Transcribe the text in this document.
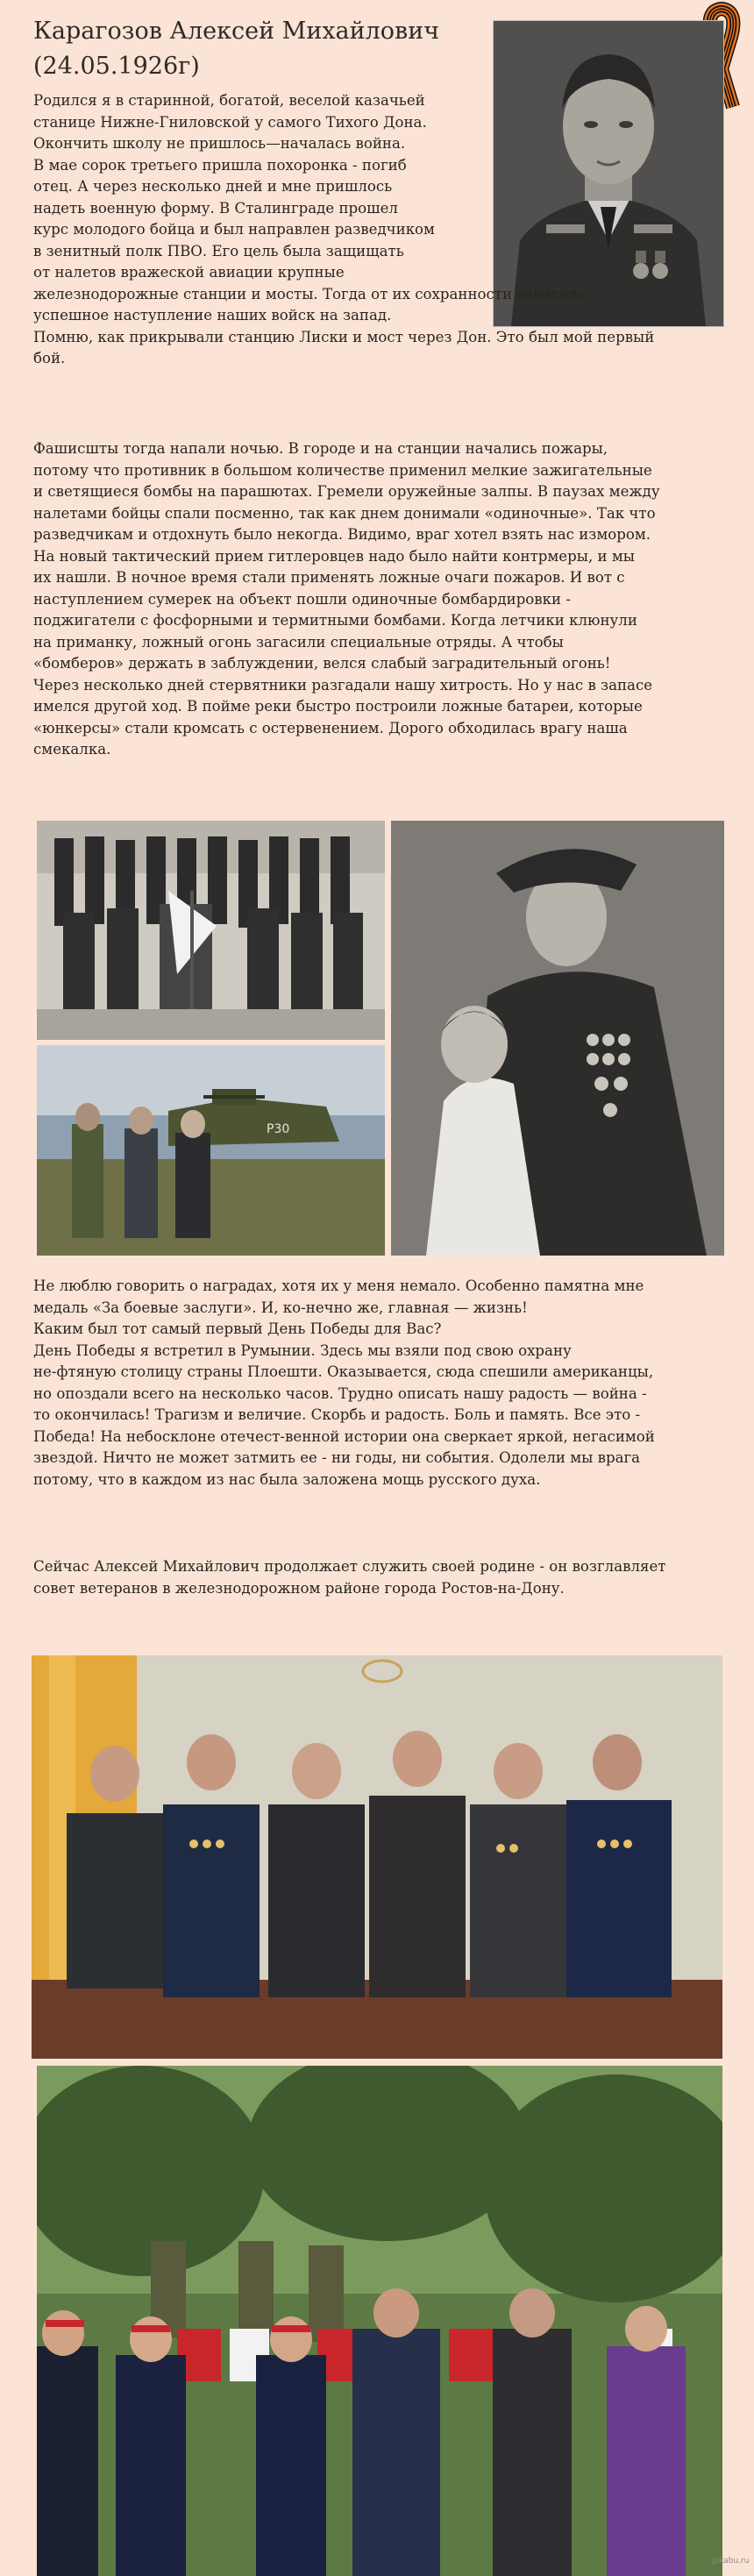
Карагозов Алексей Михайлович
(24.05.1926г)

Родился я в старинной, богатой, веселой казачьей
станице Нижне-Гниловской у самого Тихого Дона.
Окончить школу не пришлось—началась война.
В мае сорок третьего пришла похоронка - погиб
отец. А через несколько дней и мне пришлось
надеть военную форму. В Сталинграде прошел
курс молодого бойца и был направлен разведчиком
в зенитный полк ПВО. Его цель была защищать
от налетов вражеской авиации крупные
железнодорожные станции и мосты. Тогда от их сохранности зависело
успешное наступление наших войск на запад.
Помню, как прикрывали станцию Лиски и мост через Дон. Это был мой первый
бой.

Фашисшты тогда напали ночью. В городе и на станции начались пожары,
потому что противник в большом количестве применил мелкие зажигательные
и светящиеся бомбы на парашютах. Гремели оружейные залпы. В паузах между
налетами бойцы спали посменно, так как днем донимали «одиночные». Так что
разведчикам и отдохнуть было некогда. Видимо, враг хотел взять нас измором.
На новый тактический прием гитлеровцев надо было найти контрмеры, и мы
их нашли. В ночное время стали применять ложные очаги пожаров. И вот с
наступлением сумерек на объект пошли одиночные бомбардировки -
поджигатели с фосфорными и термитными бомбами. Когда летчики клюнули
на приманку, ложный огонь загасили специальные отряды. А чтобы
«бомберов» держать в заблуждении, велся слабый заградительный огонь!
Через несколько дней стервятники разгадали нашу хитрость. Но у нас в запасе
имелся другой ход. В пойме реки быстро построили ложные батареи, которые
«юнкерсы» стали кромсать с остервенением. Дорого обходилась врагу наша
смекалка.

P30

Не люблю говорить о наградах, хотя их у меня немало. Особенно памятна мне
медаль «За боевые заслуги». И, ко-нечно же, главная — жизнь!
Каким был тот самый первый День Победы для Вас?
День Победы я встретил в Румынии. Здесь мы взяли под свою охрану
не-фтяную столицу страны Плоешти. Оказывается, сюда спешили американцы,
но опоздали всего на несколько часов. Трудно описать нашу радость — война -
то окончилась! Трагизм и величие. Скорбь и радость. Боль и память. Все это -
Победа! На небосклоне отечест-венной истории она сверкает яркой, негасимой
звездой. Ничто не может затмить ее - ни годы, ни события. Одолели мы врага
потому, что в каждом из нас была заложена мощь русского духа.

Сейчас Алексей Михайлович продолжает служить своей родине - он возглавляет
совет ветеранов в железнодорожном районе города Ростов-на-Дону.

pikabu.ru
